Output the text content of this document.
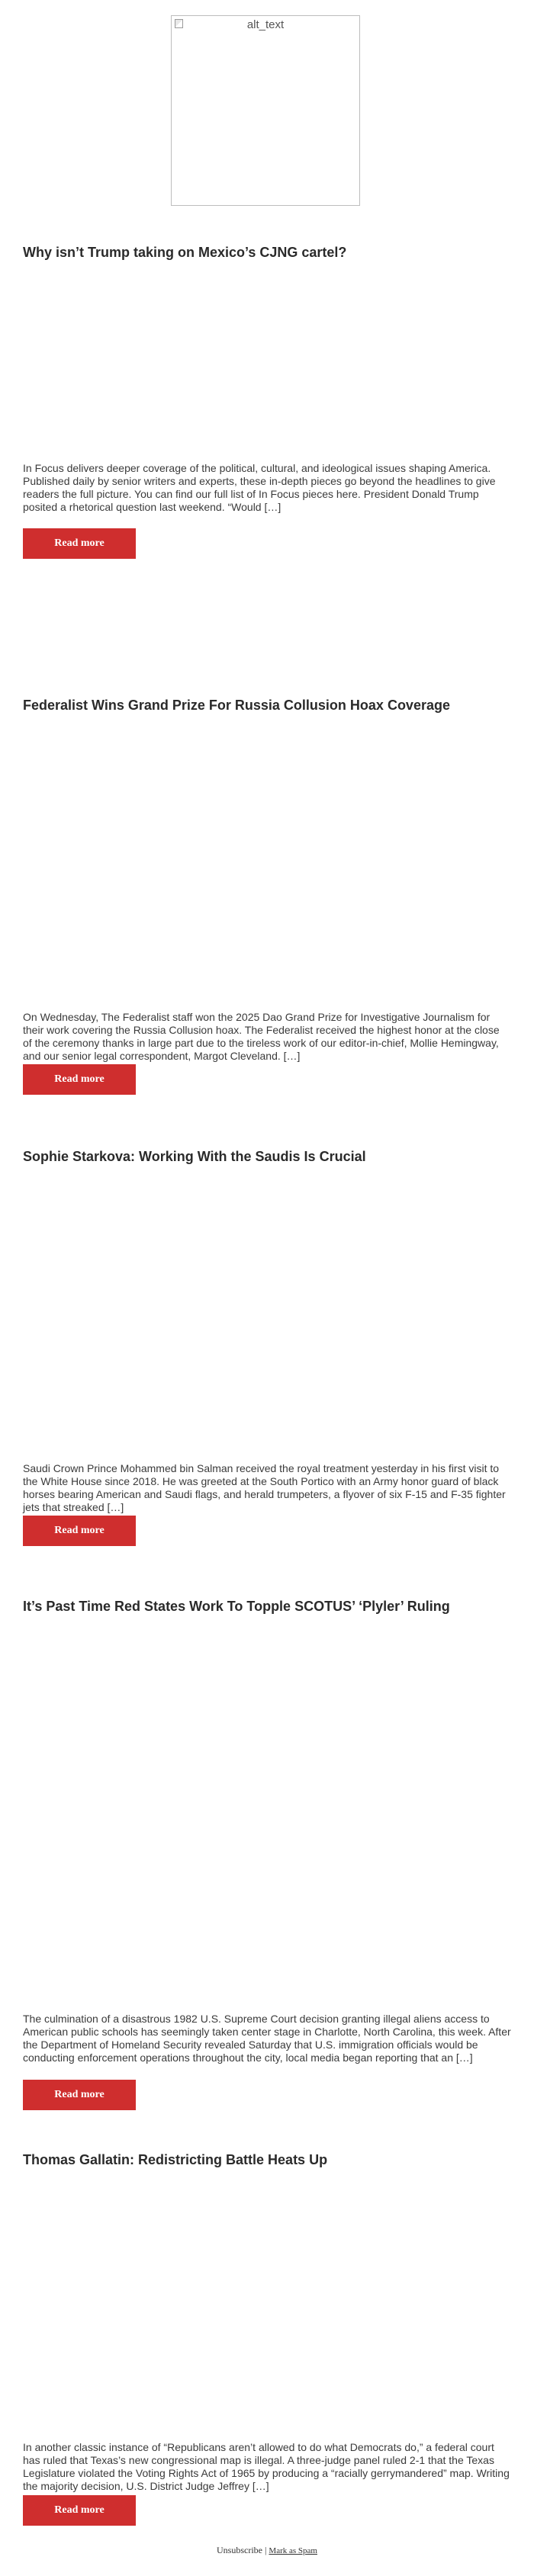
alt_text
Why isn’t Trump taking on Mexico’s CJNG cartel?

In Focus delivers deeper coverage of the political, cultural, and ideological issues shaping America. Published daily by senior writers and experts, these in-depth pieces go beyond the headlines to give readers the full picture. You can find our full list of In Focus pieces here. President Donald Trump posited a rhetorical question last weekend. “Would […]

Read more
Federalist Wins Grand Prize For Russia Collusion Hoax Coverage

On Wednesday, The Federalist staff won the 2025 Dao Grand Prize for Investigative Journalism for their work covering the Russia Collusion hoax. The Federalist received the highest honor at the close of the ceremony thanks in large part due to the tireless work of our editor-in-chief, Mollie Hemingway, and our senior legal correspondent, Margot Cleveland. […]

Read more
Sophie Starkova: Working With the Saudis Is Crucial

Saudi Crown Prince Mohammed bin Salman received the royal treatment yesterday in his first visit to the White House since 2018. He was greeted at the South Portico with an Army honor guard of black horses bearing American and Saudi flags, and herald trumpeters, a flyover of six F-15 and F-35 fighter jets that streaked […]

Read more
It’s Past Time Red States Work To Topple SCOTUS’ ‘Plyler’ Ruling

The culmination of a disastrous 1982 U.S. Supreme Court decision granting illegal aliens access to American public schools has seemingly taken center stage in Charlotte, North Carolina, this week. After the Department of Homeland Security revealed Saturday that U.S. immigration officials would be conducting enforcement operations throughout the city, local media began reporting that an […]

Read more
Thomas Gallatin: Redistricting Battle Heats Up

In another classic instance of “Republicans aren’t allowed to do what Democrats do,” a federal court has ruled that Texas’s new congressional map is illegal. A three-judge panel ruled 2-1 that the Texas Legislature violated the Voting Rights Act of 1965 by producing a “racially gerrymandered” map. Writing the majority decision, U.S. District Judge Jeffrey […]

Read more
Unsubscribe | Mark as Spam
